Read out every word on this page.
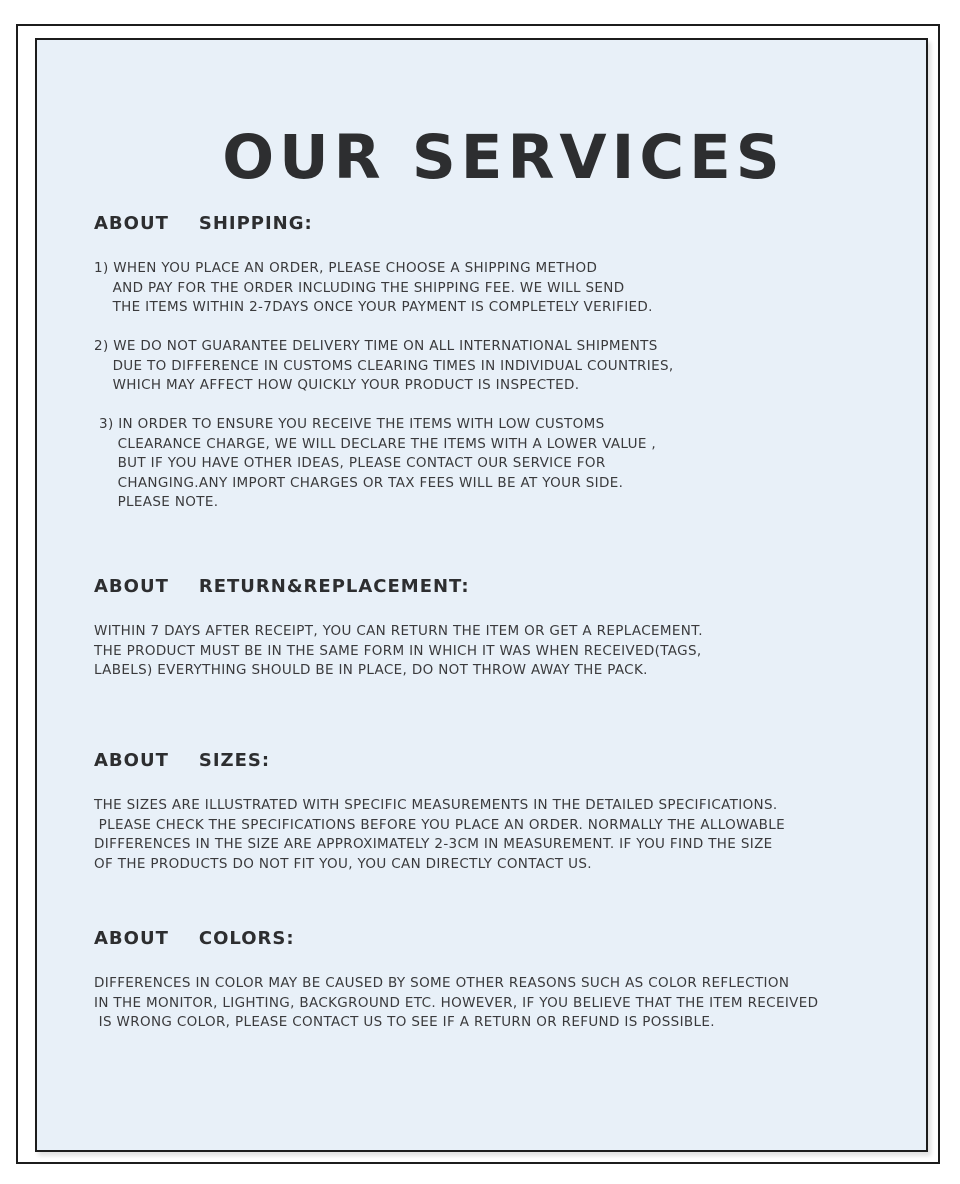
OUR SERVICES
ABOUT SHIPPING:
1) WHEN YOU PLACE AN ORDER, PLEASE CHOOSE A SHIPPING METHOD
AND PAY FOR THE ORDER INCLUDING THE SHIPPING FEE. WE WILL SEND
THE ITEMS WITHIN 2-7DAYS ONCE YOUR PAYMENT IS COMPLETELY VERIFIED.
2) WE DO NOT GUARANTEE DELIVERY TIME ON ALL INTERNATIONAL SHIPMENTS
DUE TO DIFFERENCE IN CUSTOMS CLEARING TIMES IN INDIVIDUAL COUNTRIES,
WHICH MAY AFFECT HOW QUICKLY YOUR PRODUCT IS INSPECTED.
3) IN ORDER TO ENSURE YOU RECEIVE THE ITEMS WITH LOW CUSTOMS
CLEARANCE CHARGE, WE WILL DECLARE THE ITEMS WITH A LOWER VALUE ,
BUT IF YOU HAVE OTHER IDEAS, PLEASE CONTACT OUR SERVICE FOR
CHANGING.ANY IMPORT CHARGES OR TAX FEES WILL BE AT YOUR SIDE.
PLEASE NOTE.
ABOUT RETURN&REPLACEMENT:
WITHIN 7 DAYS AFTER RECEIPT, YOU CAN RETURN THE ITEM OR GET A REPLACEMENT.
THE PRODUCT MUST BE IN THE SAME FORM IN WHICH IT WAS WHEN RECEIVED(TAGS,
LABELS) EVERYTHING SHOULD BE IN PLACE, DO NOT THROW AWAY THE PACK.
ABOUT SIZES:
THE SIZES ARE ILLUSTRATED WITH SPECIFIC MEASUREMENTS IN THE DETAILED SPECIFICATIONS.
PLEASE CHECK THE SPECIFICATIONS BEFORE YOU PLACE AN ORDER. NORMALLY THE ALLOWABLE
DIFFERENCES IN THE SIZE ARE APPROXIMATELY 2-3CM IN MEASUREMENT. IF YOU FIND THE SIZE
OF THE PRODUCTS DO NOT FIT YOU, YOU CAN DIRECTLY CONTACT US.
ABOUT COLORS:
DIFFERENCES IN COLOR MAY BE CAUSED BY SOME OTHER REASONS SUCH AS COLOR REFLECTION
IN THE MONITOR, LIGHTING, BACKGROUND ETC. HOWEVER, IF YOU BELIEVE THAT THE ITEM RECEIVED
IS WRONG COLOR, PLEASE CONTACT US TO SEE IF A RETURN OR REFUND IS POSSIBLE.
